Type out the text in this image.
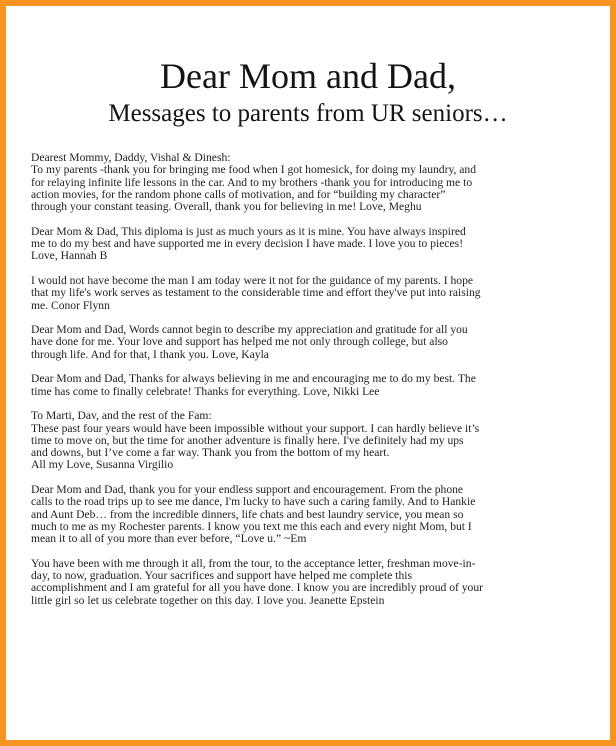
Dear Mom and Dad,
Messages to parents from UR seniors…
Dearest Mommy, Daddy, Vishal & Dinesh:
To my parents -thank you for bringing me food when I got homesick, for doing my laundry, and
for relaying infinite life lessons in the car. And to my brothers -thank you for introducing me to
action movies, for the random phone calls of motivation, and for “building my character”
through your constant teasing. Overall, thank you for believing in me! Love, Meghu
Dear Mom & Dad, This diploma is just as much yours as it is mine. You have always inspired
me to do my best and have supported me in every decision I have made. I love you to pieces!
Love, Hannah B
I would not have become the man I am today were it not for the guidance of my parents. I hope
that my life's work serves as testament to the considerable time and effort they've put into raising
me. Conor Flynn
Dear Mom and Dad, Words cannot begin to describe my appreciation and gratitude for all you
have done for me. Your love and support has helped me not only through college, but also
through life. And for that, I thank you. Love, Kayla
Dear Mom and Dad, Thanks for always believing in me and encouraging me to do my best. The
time has come to finally celebrate! Thanks for everything. Love, Nikki Lee
To Marti, Dav, and the rest of the Fam:
These past four years would have been impossible without your support. I can hardly believe it’s
time to move on, but the time for another adventure is finally here. I've definitely had my ups
and downs, but I’ve come a far way. Thank you from the bottom of my heart.
All my Love, Susanna Virgilio
Dear Mom and Dad, thank you for your endless support and encouragement. From the phone
calls to the road trips up to see me dance, I'm lucky to have such a caring family. And to Hankie
and Aunt Deb… from the incredible dinners, life chats and best laundry service, you mean so
much to me as my Rochester parents. I know you text me this each and every night Mom, but I
mean it to all of you more than ever before, “Love u.” ~Em
You have been with me through it all, from the tour, to the acceptance letter, freshman move-in-
day, to now, graduation. Your sacrifices and support have helped me complete this
accomplishment and I am grateful for all you have done. I know you are incredibly proud of your
little girl so let us celebrate together on this day. I love you. Jeanette Epstein
